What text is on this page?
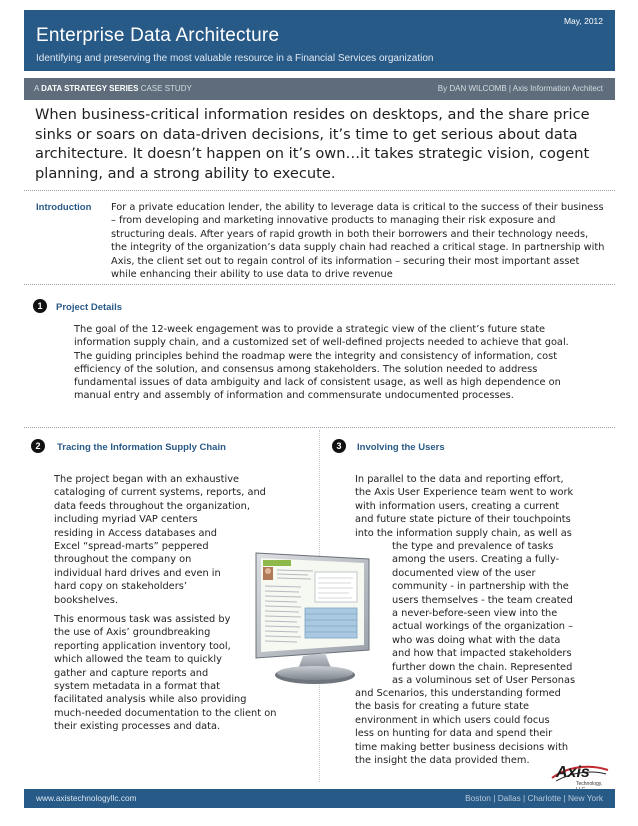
May, 2012
Enterprise Data Architecture
Identifying and preserving the most valuable resource in a Financial Services organization
A DATA STRATEGY SERIES CASE STUDY	By DAN WILCOMB | Axis Information Architect
When business-critical information resides on desktops, and the share price sinks or soars on data-driven decisions, it’s time to get serious about data architecture. It doesn’t happen on it’s own…it takes strategic vision, cogent planning, and a strong ability to execute.
Introduction For a private education lender, the ability to leverage data is critical to the success of their business – from developing and marketing innovative products to managing their risk exposure and structuring deals. After years of rapid growth in both their borrowers and their technology needs, the integrity of the organization’s data supply chain had reached a critical stage. In partnership with Axis, the client set out to regain control of its information – securing their most important asset while enhancing their ability to use data to drive revenue
1	Project Details
The goal of the 12-week engagement was to provide a strategic view of the client’s future state information supply chain, and a customized set of well-defined projects needed to achieve that goal. The guiding principles behind the roadmap were the integrity and consistency of information, cost efficiency of the solution, and consensus among stakeholders. The solution needed to address fundamental issues of data ambiguity and lack of consistent usage, as well as high dependence on manual entry and assembly of information and commensurate undocumented processes.
2	Tracing the Information Supply Chain	3	Involving the Users
The project began with an exhaustive
cataloging of current systems, reports, and
data feeds throughout the organization,
including myriad VAP centers
residing in Access databases and
Excel “spread-marts” peppered
throughout the company on
individual hard drives and even in
hard copy on stakeholders’
bookshelves.
This enormous task was assisted by
the use of Axis’ groundbreaking
reporting application inventory tool,
which allowed the team to quickly
gather and capture reports and
system metadata in a format that
facilitated analysis while also providing
much-needed documentation to the client on
their existing processes and data.
In parallel to the data and reporting effort,
the Axis User Experience team went to work
with information users, creating a current
and future state picture of their touchpoints
into the information supply chain, as well as
the type and prevalence of tasks
among the users. Creating a fully-
documented view of the user
community - in partnership with the
users themselves - the team created
a never-before-seen view into the
actual workings of the organization –
who was doing what with the data
and how that impacted stakeholders
further down the chain. Represented
as a voluminous set of User Personas
and Scenarios, this understanding formed
the basis for creating a future state
environment in which users could focus
less on hunting for data and spend their
time making better business decisions with
the insight the data provided them.
Axis
Technology,
www.axistechnologyllc.com	Boston | Dallas | Charlotte | New York
